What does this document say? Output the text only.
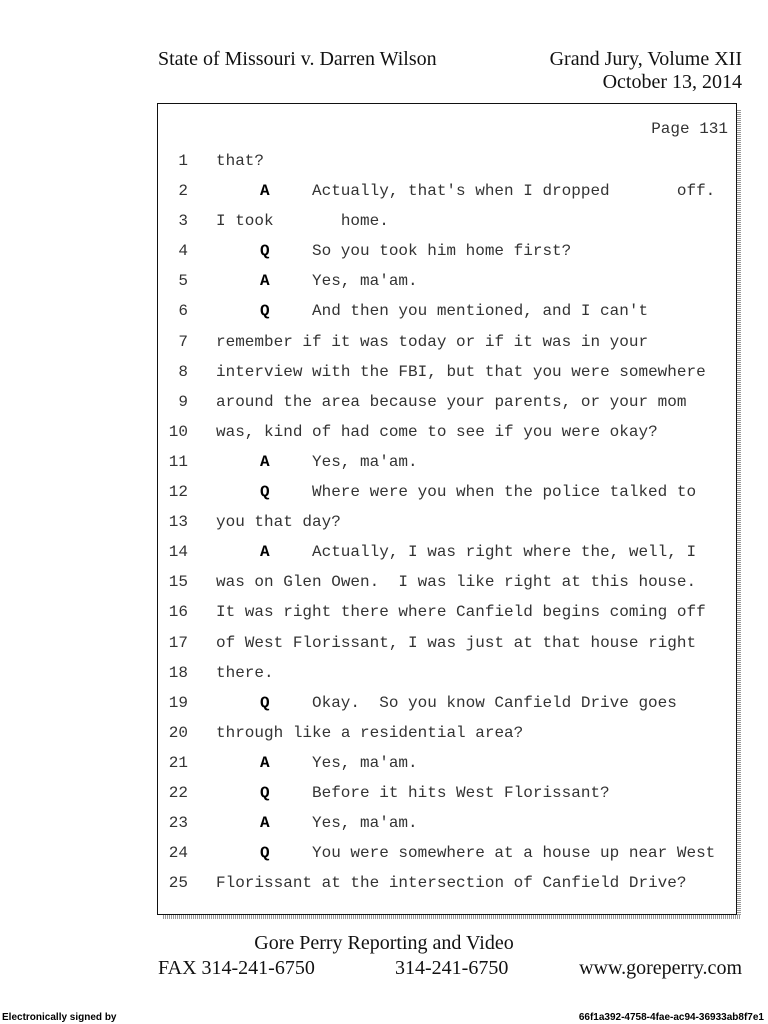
State of Missouri v. Darren Wilson	Grand Jury, Volume XII
October 13, 2014
Page 131
1 that?
2	A	Actually, that's when I dropped       off.
3 I took       home.
4	Q	So you took him home first?
5	A	Yes, ma'am.
6	Q	And then you mentioned, and I can't
7 remember if it was today or if it was in your
8 interview with the FBI, but that you were somewhere
9 around the area because your parents, or your mom
10 was, kind of had come to see if you were okay?
11	A	Yes, ma'am.
12	Q	Where were you when the police talked to
13 you that day?
14	A	Actually, I was right where the, well, I
15 was on Glen Owen.  I was like right at this house.
16 It was right there where Canfield begins coming off
17 of West Florissant, I was just at that house right
18 there.
19	Q	Okay.  So you know Canfield Drive goes
20 through like a residential area?
21	A	Yes, ma'am.
22	Q	Before it hits West Florissant?
23	A	Yes, ma'am.
24	Q	You were somewhere at a house up near West
25 Florissant at the intersection of Canfield Drive?
Gore Perry Reporting and Video
FAX 314-241-6750	314-241-6750	www.goreperry.com
Electronically signed by	66f1a392-4758-4fae-ac94-36933ab8f7e1
